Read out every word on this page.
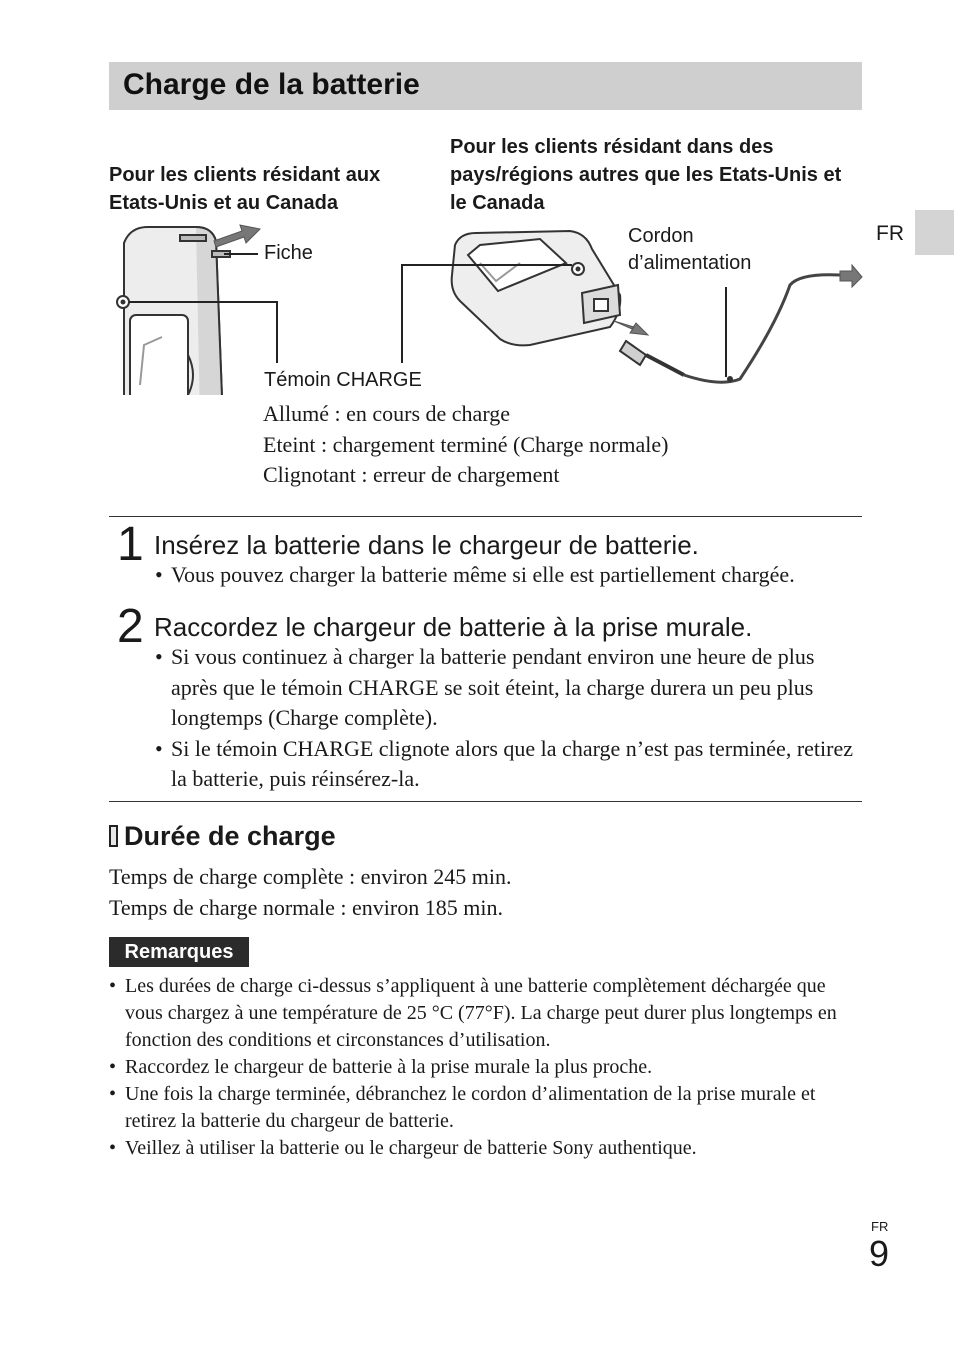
Charge de la batterie
FR
Pour les clients résidant aux Etats-Unis et au Canada
Pour les clients résidant dans des pays/régions autres que les Etats-Unis et le Canada
Fiche
Cordon
d’alimentation
Témoin CHARGE
Allumé : en cours de charge
Eteint : chargement terminé (Charge normale)
Clignotant : erreur de chargement
1 Insérez la batterie dans le chargeur de batterie.
• Vous pouvez charger la batterie même si elle est partiellement chargée.
2 Raccordez le chargeur de batterie à la prise murale.
• Si vous continuez à charger la batterie pendant environ une heure de plus après que le témoin CHARGE se soit éteint, la charge durera un peu plus longtemps (Charge complète).
• Si le témoin CHARGE clignote alors que la charge n’est pas terminée, retirez la batterie, puis réinsérez-la.
Durée de charge
Temps de charge complète : environ 245 min.
Temps de charge normale : environ 185 min.
Remarques
• Les durées de charge ci-dessus s’appliquent à une batterie complètement déchargée que vous chargez à une température de 25 °C (77°F). La charge peut durer plus longtemps en fonction des conditions et circonstances d’utilisation.
• Raccordez le chargeur de batterie à la prise murale la plus proche.
• Une fois la charge terminée, débranchez le cordon d’alimentation de la prise murale et retirez la batterie du chargeur de batterie.
• Veillez à utiliser la batterie ou le chargeur de batterie Sony authentique.
FR
9
